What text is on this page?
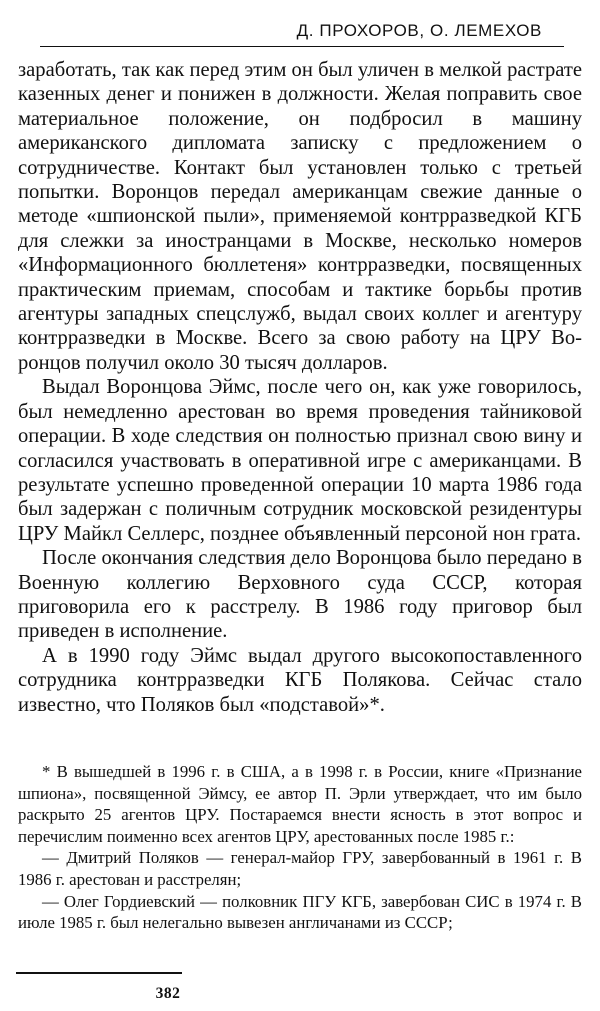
Д. ПРОХОРОВ, О. ЛЕМЕХОВ

заработать, так как перед этим он был уличен в мелкой растрате казенных денег и понижен в должности. Желая поправить свое материальное положение, он подбросил в машину американского дипломата записку с предложением о сотрудничестве. Контакт был установлен только с третьей попытки. Воронцов передал американцам свежие данные о методе «шпионской пыли», применяемой контрразведкой КГБ для слежки за иностранцами в Москве, несколько номеров «Информационного бюллетеня» контрразведки, посвященных практическим приемам, способам и тактике борьбы против агентуры западных спецслужб, выдал своих коллег и агентуру контрразведки в Москве. Всего за свою работу на ЦРУ Воронцов получил около 30 тысяч долларов.

Выдал Воронцова Эймс, после чего он, как уже говорилось, был немедленно арестован во время проведения тайниковой операции. В ходе следствия он полностью признал свою вину и согласился участвовать в оперативной игре с американцами. В результате успешно проведенной операции 10 марта 1986 года был задержан с поличным сотрудник московской резидентуры ЦРУ Майкл Селлерс, позднее объявленный персоной нон грата.

После окончания следствия дело Воронцова было передано в Военную коллегию Верховного суда СССР, которая приговорила его к расстрелу. В 1986 году приговор был приведен в исполнение.

А в 1990 году Эймс выдал другого высокопоставленного сотрудника контрразведки КГБ Полякова. Сейчас стало известно, что Поляков был «подставой»*.

* В вышедшей в 1996 г. в США, а в 1998 г. в России, книге «Признание шпиона», посвященной Эймсу, ее автор П. Эрли утверждает, что им было раскрыто 25 агентов ЦРУ. Постараемся внести ясность в этот вопрос и перечислим поименно всех агентов ЦРУ, арестованных после 1985 г.:

— Дмитрий Поляков — генерал-майор ГРУ, завербованный в 1961 г. В 1986 г. арестован и расстрелян;

— Олег Гордиевский — полковник ПГУ КГБ, завербован СИС в 1974 г. В июле 1985 г. был нелегально вывезен англичанами из СССР;

382
